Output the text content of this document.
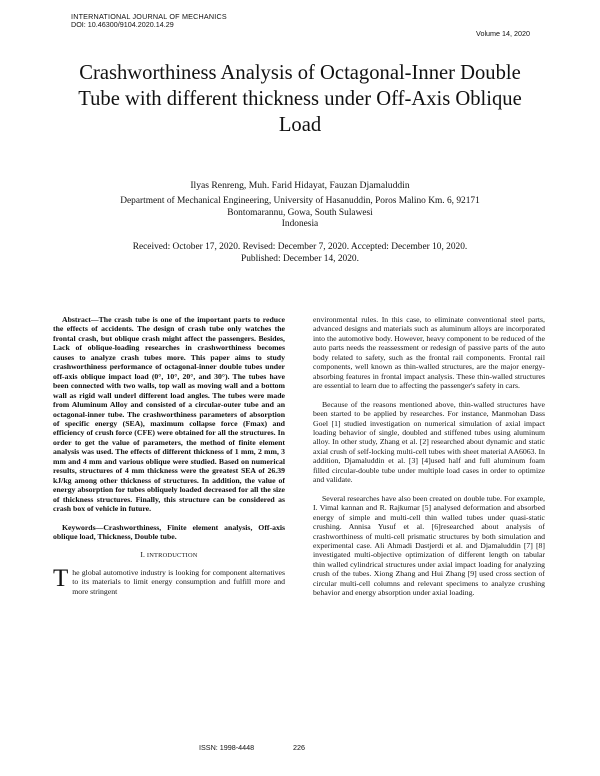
INTERNATIONAL JOURNAL OF MECHANICS
DOI: 10.46300/9104.2020.14.29
Volume 14, 2020
Crashworthiness Analysis of Octagonal-Inner Double Tube with different thickness under Off-Axis Oblique Load
Ilyas Renreng, Muh. Farid Hidayat, Fauzan Djamaluddin
Department of Mechanical Engineering, University of Hasanuddin, Poros Malino Km. 6, 92171
Bontomarannu, Gowa, South Sulawesi
Indonesia
Received: October 17, 2020. Revised: December 7, 2020. Accepted: December 10, 2020.
Published: December 14, 2020.

Abstract—The crash tube is one of the important parts to reduce the effects of accidents. The design of crash tube only watches the frontal crash, but oblique crash might affect the passengers. Besides, Lack of oblique-loading researches in crashworthiness becomes causes to analyze crash tubes more. This paper aims to study crashworthiness performance of octagonal-inner double tubes under off-axis oblique impact load (0°, 10°, 20°, and 30°). The tubes have been connected with two walls, top wall as moving wall and a bottom wall as rigid wall underl different load angles. The tubes were made from Aluminum Alloy and consisted of a circular-outer tube and an octagonal-inner tube. The crashworthiness parameters of absorption of specific energy (SEA), maximum collapse force (Fmax) and efficiency of crush force (CFE) were obtained for all the structures. In order to get the value of parameters, the method of finite element analysis was used. The effects of different thickness of 1 mm, 2 mm, 3 mm and 4 mm and various oblique were studied. Based on numerical results, structures of 4 mm thickness were the greatest SEA of 26.39 kJ/kg among other thickness of structures. In addition, the value of energy absorption for tubes obliquely loaded decreased for all the size of thickness structures. Finally, this structure can be considered as crash box of vehicle in future.

Keywords—Crashworthiness, Finite element analysis, Off-axis oblique load, Thickness, Double tube.

I. INTRODUCTION

The global automotive industry is looking for component alternatives to its materials to limit energy consumption and fulfill more and more stringent

environmental rules. In this case, to eliminate conventional steel parts, advanced designs and materials such as aluminum alloys are incorporated into the automotive body. However, heavy component to be reduced of the auto parts needs the reassessment or redesign of passive parts of the auto body related to safety, such as the frontal rail components. Frontal rail components, well known as thin-walled structures, are the major energy-absorbing features in frontal impact analysis. These thin-walled structures are essential to learn due to affecting the passenger's safety in cars.

Because of the reasons mentioned above, thin-walled structures have been started to be applied by researches. For instance, Manmohan Dass Goel [1] studied investigation on numerical simulation of axial impact loading behavior of single, doubled and stiffened tubes using aluminum alloy. In other study, Zhang et al. [2] researched about dynamic and static axial crush of self-locking multi-cell tubes with sheet material AA6063. In addition, Djamaluddin et al. [3] [4]used half and full aluminum foam filled circular-double tube under multiple load cases in order to optimize and validate.

Several researches have also been created on double tube. For example, I. Vimal kannan and R. Rajkumar [5] analysed deformation and absorbed energy of simple and multi-cell thin walled tubes under quasi-static crushing. Annisa Yusuf et al. [6]researched about analysis of crashworthiness of multi-cell prismatic structures by both simulation and experimental case. Ali Ahmadi Dastjerdi et al. and Djamaluddin [7] [8] investigated multi-objective optimization of different length on tabular thin walled cylindrical structures under axial impact loading for analyzing crush of the tubes. Xiong Zhang and Hui Zhang [9] used cross section of circular multi-cell columns and relevant specimens to analyze crushing behavior and energy absorption under axial loading.

ISSN: 1998-4448	226
